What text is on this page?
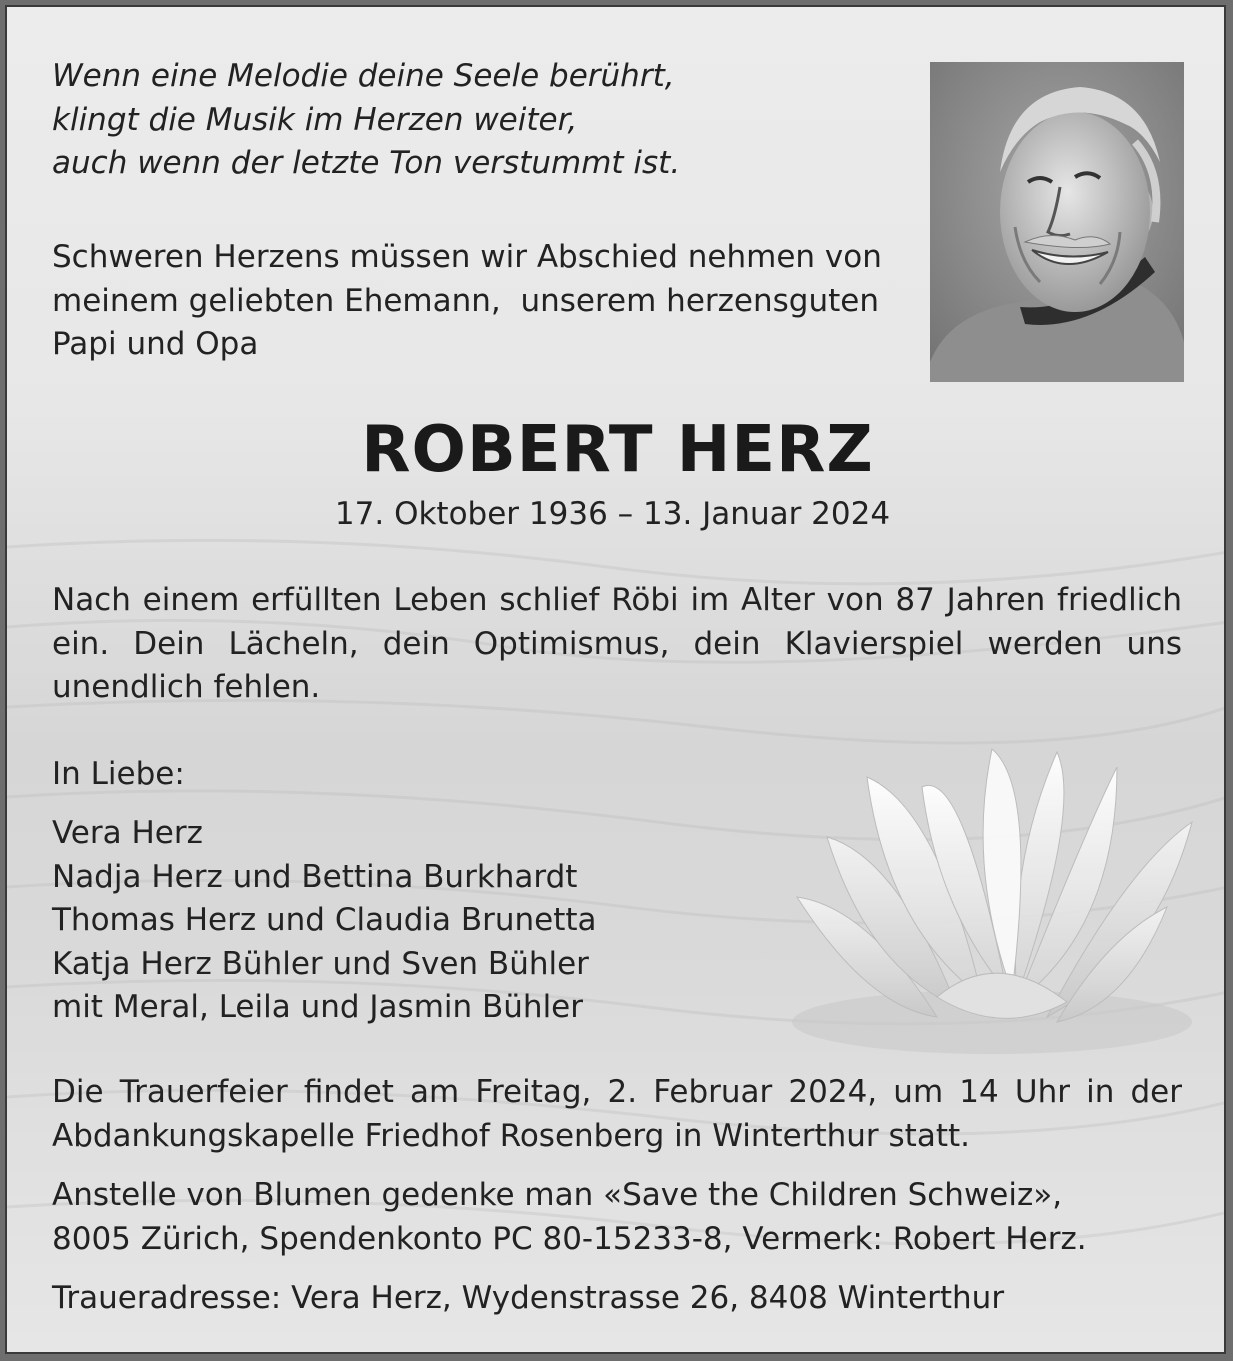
Wenn eine Melodie deine Seele berührt,
klingt die Musik im Herzen weiter,
auch wenn der letzte Ton verstummt ist.
Schweren Herzens müssen wir Abschied nehmen von
meinem geliebten Ehemann,  unserem herzensguten
Papi und Opa
ROBERT HERZ
17. Oktober 1936 – 13. Januar 2024
Nach einem erfüllten Leben schlief Röbi im Alter von 87 Jahren friedlich ein. Dein Lächeln, dein Optimismus, dein Klavierspiel werden uns unendlich fehlen.
In Liebe:
Vera Herz
Nadja Herz und Bettina Burkhardt
Thomas Herz und Claudia Brunetta
Katja Herz Bühler und Sven Bühler
mit Meral, Leila und Jasmin Bühler
Die Trauerfeier findet am Freitag, 2. Februar 2024, um 14 Uhr in der Abdankungskapelle Friedhof Rosenberg in Winterthur statt.
Anstelle von Blumen gedenke man «Save the Children Schweiz»,
8005 Zürich, Spendenkonto PC 80-15233-8, Vermerk: Robert Herz.
Traueradresse: Vera Herz, Wydenstrasse 26, 8408 Winterthur
